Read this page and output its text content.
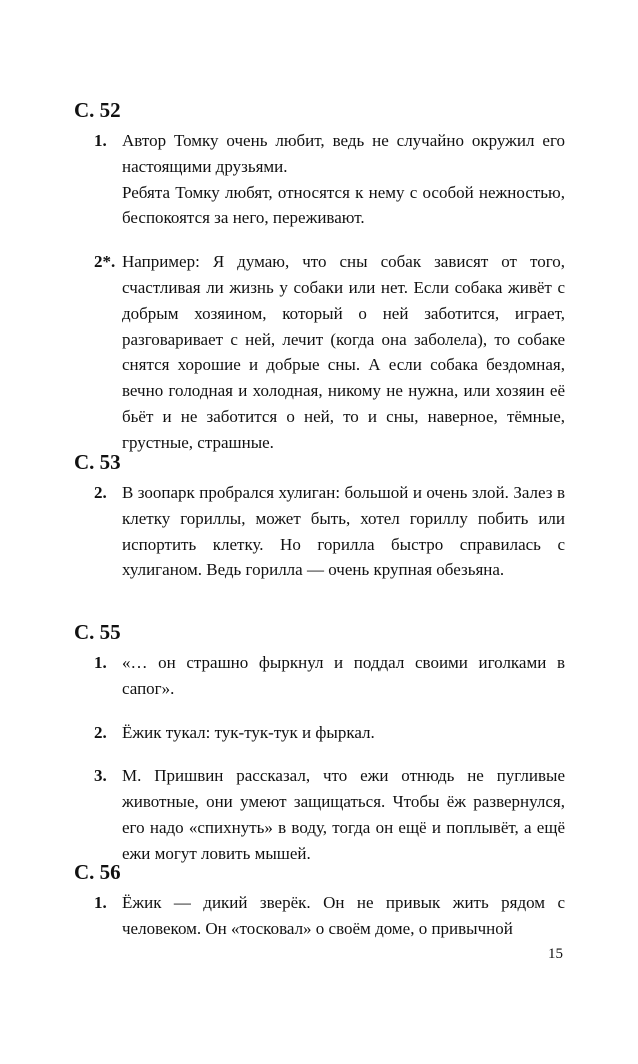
С. 52
1. Автор Томку очень любит, ведь не случайно окружил его настоящими друзьями.

Ребята Томку любят, относятся к нему с особой нежностью, беспокоятся за него, переживают.

2*. Например: Я думаю, что сны собак зависят от того, счастливая ли жизнь у собаки или нет. Если собака живёт с добрым хозяином, который о ней заботится, играет, разговаривает с ней, лечит (когда она заболела), то собаке снятся хорошие и добрые сны. А если собака бездомная, вечно голодная и холодная, никому не нужна, или хозяин её бьёт и не заботится о ней, то и сны, наверное, тёмные, грустные, страшные.

С. 53
2. В зоопарк пробрался хулиган: большой и очень злой. Залез в клетку гориллы, может быть, хотел гориллу побить или испортить клетку. Но горилла быстро справилась с хулиганом. Ведь горилла — очень крупная обезьяна.

С. 55
1. «… он страшно фыркнул и поддал своими иголками в сапог».

2. Ёжик тукал: тук-тук-тук и фыркал.

3. М. Пришвин рассказал, что ежи отнюдь не пугливые животные, они умеют защищаться. Чтобы ёж развернулся, его надо «спихнуть» в воду, тогда он ещё и поплывёт, а ещё ежи могут ловить мышей.

С. 56
1. Ёжик — дикий зверёк. Он не привык жить рядом с человеком. Он «тосковал» о своём доме, о привычной

15
